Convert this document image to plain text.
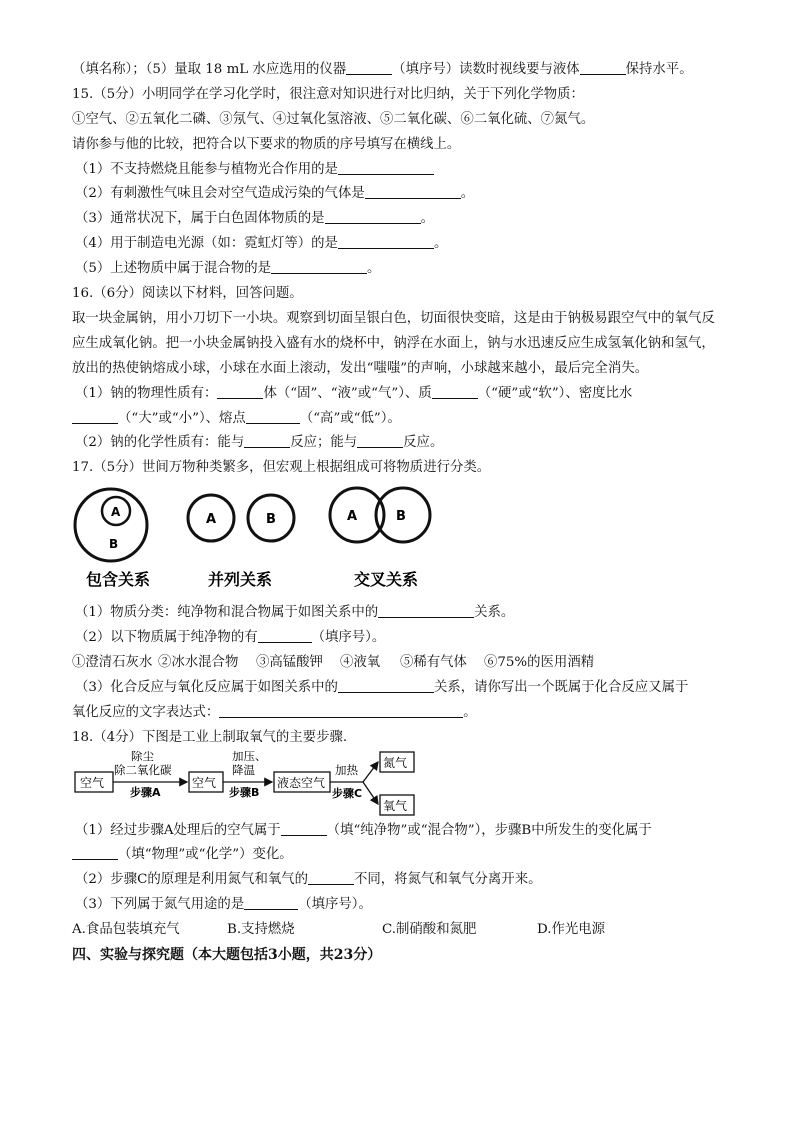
（填名称）；（5）量取 18 mL 水应选用的仪器	（填序号）读数时视线要与液体	保持水平。
15.（5分）小明同学在学习化学时，很注意对知识进行对比归纳，关于下列化学物质：
①空气、②五氧化二磷、③氖气、④过氧化氢溶液、⑤二氧化碳、⑥二氧化硫、⑦氮气。
请你参与他的比较，把符合以下要求的物质的序号填写在横线上。
（1）不支持燃烧且能参与植物光合作用的是
（2）有刺激性气味且会对空气造成污染的气体是	。
（3）通常状况下，属于白色固体物质的是	。
（4）用于制造电光源（如：霓虹灯等）的是	。
（5）上述物质中属于混合物的是	。
16.（6分）阅读以下材料，回答问题。
取一块金属钠，用小刀切下一小块。观察到切面呈银白色，切面很快变暗，这是由于钠极易跟空气中的氧气反应生成氧化钠。把一小块金属钠投入盛有水的烧杯中，钠浮在水面上，钠与水迅速反应生成氢氧化钠和氢气，放出的热使钠熔成小球，小球在水面上滚动，发出“嗤嗤”的声响，小球越来越小，最后完全消失。
（1）钠的物理性质有：	体（“固”、“液”或“气”）、质	（“硬”或“软”）、密度比水
（“大”或“小”）、熔点	（“高”或“低”）。
（2）钠的化学性质有：能与	反应；能与	反应。
17.（5分）世间万物种类繁多，但宏观上根据组成可将物质进行分类。
A
B
A	B	A	B
包含关系	并列关系	交叉关系
（1）物质分类：纯净物和混合物属于如图关系中的	关系。
（2）以下物质属于纯净物的有	（填序号）。
①澄清石灰水 ②冰水混合物 ③高锰酸钾 ④液氧 ⑤稀有气体 ⑥75%的医用酒精
（3）化合反应与氧化反应属于如图关系中的	关系，请你写出一个既属于化合反应又属于
氧化反应的文字表达式：	。
18.（4分）下图是工业上制取氧气的主要步骤.
空气
除尘
除二氧化碳
步骤A
空气
加压、
降温
步骤B
液态空气
加热
步骤C
氮气
氧气
（1）经过步骤A处理后的空气属于	（填“纯净物”或“混合物”），步骤B中所发生的变化属于
（填“物理”或“化学”）变化。
（2）步骤C的原理是利用氮气和氧气的	不同，将氮气和氧气分离开来。
（3）下列属于氮气用途的是	（填序号）。
A.食品包装填充气	B.支持燃烧	C.制硝酸和氮肥	D.作光电源
四、实验与探究题（本大题包括3小题，共23分）
